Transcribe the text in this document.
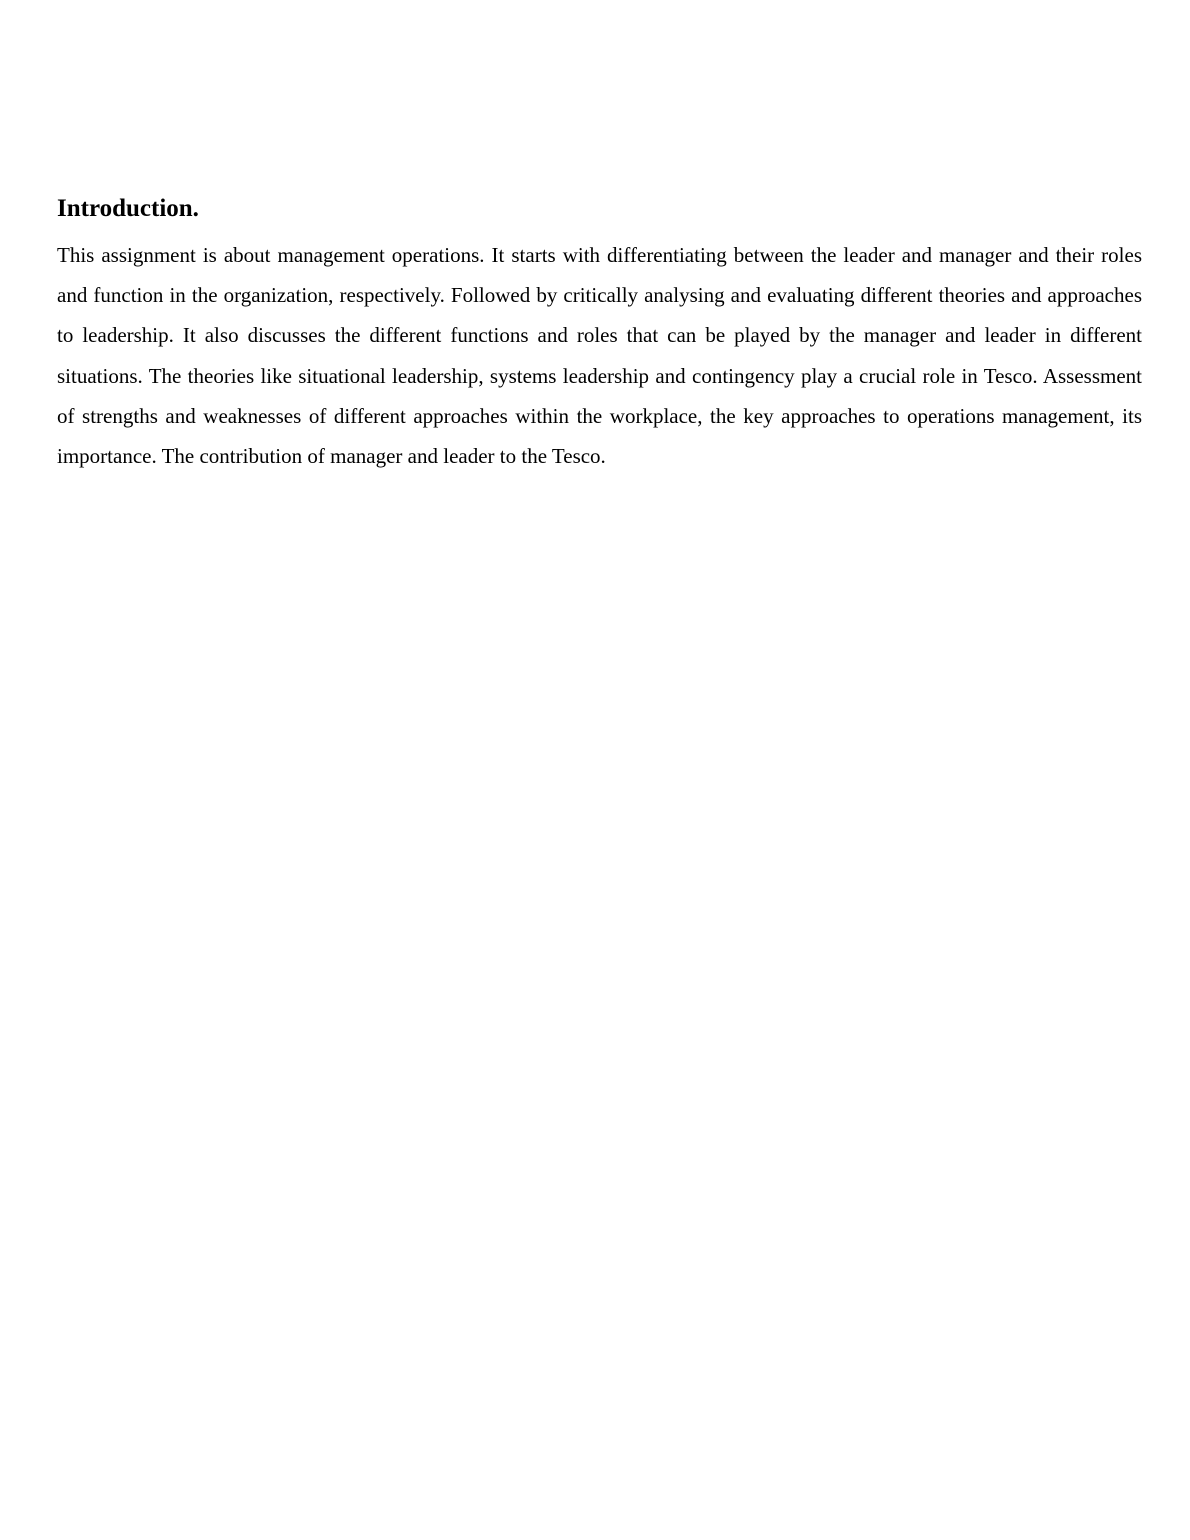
Introduction.

This assignment is about management operations. It starts with differentiating between the leader and manager and their roles and function in the organization, respectively. Followed by critically analysing and evaluating different theories and approaches to leadership. It also discusses the different functions and roles that can be played by the manager and leader in different situations. The theories like situational leadership, systems leadership and contingency play a crucial role in Tesco. Assessment of strengths and weaknesses of different approaches within the workplace, the key approaches to operations management, its importance. The contribution of manager and leader to the Tesco.
